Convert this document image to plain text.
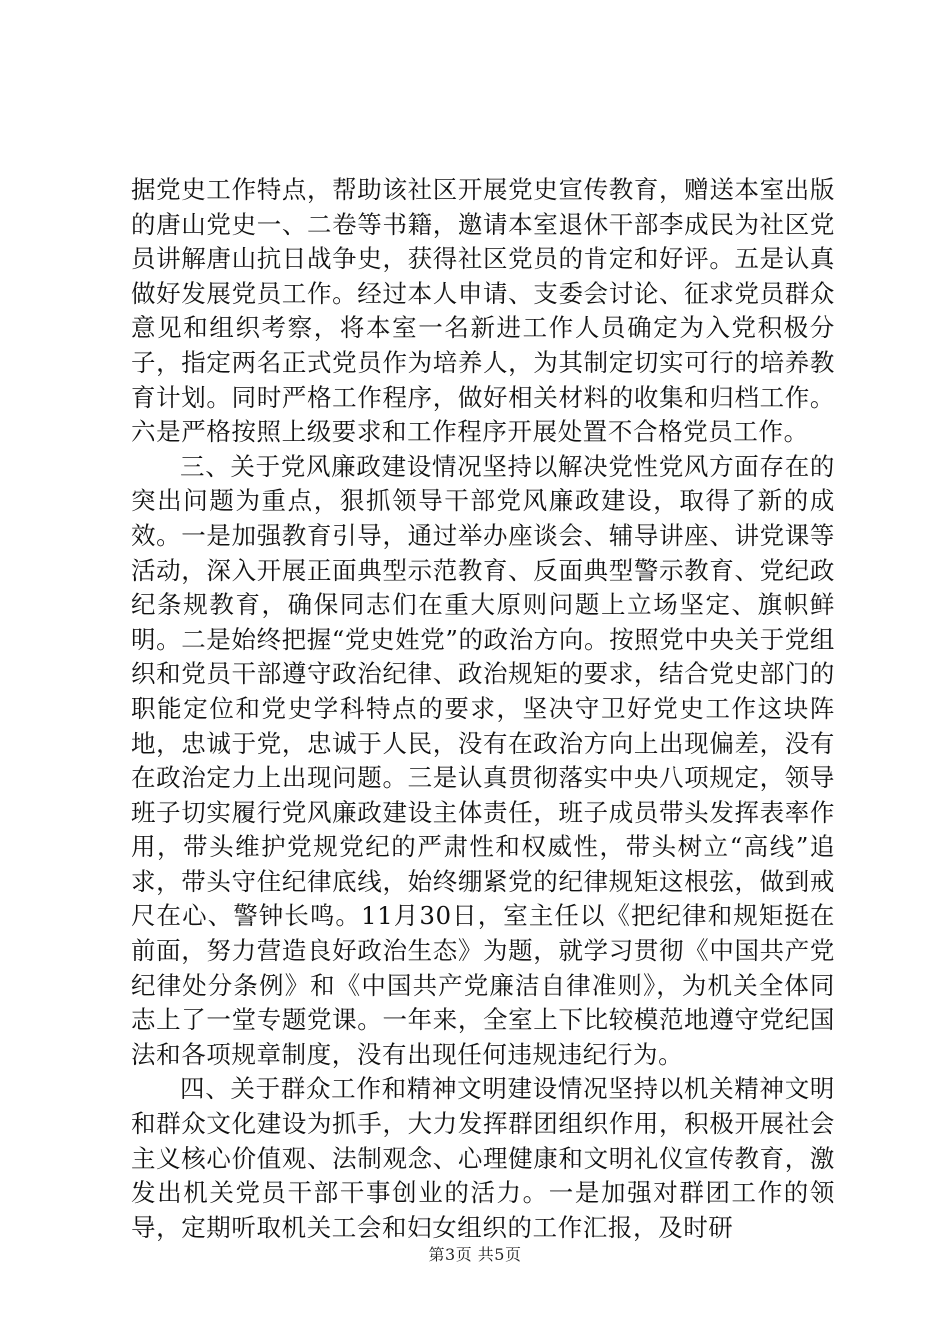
据党史工作特点，帮助该社区开展党史宣传教育，赠送本室出版的唐山党史一、二卷等书籍，邀请本室退休干部李成民为社区党员讲解唐山抗日战争史，获得社区党员的肯定和好评。五是认真做好发展党员工作。经过本人申请、支委会讨论、征求党员群众意见和组织考察，将本室一名新进工作人员确定为入党积极分子，指定两名正式党员作为培养人，为其制定切实可行的培养教育计划。同时严格工作程序，做好相关材料的收集和归档工作。六是严格按照上级要求和工作程序开展处置不合格党员工作。

三、关于党风廉政建设情况坚持以解决党性党风方面存在的突出问题为重点，狠抓领导干部党风廉政建设，取得了新的成效。一是加强教育引导，通过举办座谈会、辅导讲座、讲党课等活动，深入开展正面典型示范教育、反面典型警示教育、党纪政纪条规教育，确保同志们在重大原则问题上立场坚定、旗帜鲜明。二是始终把握“党史姓党”的政治方向。按照党中央关于党组织和党员干部遵守政治纪律、政治规矩的要求，结合党史部门的职能定位和党史学科特点的要求，坚决守卫好党史工作这块阵地，忠诚于党，忠诚于人民，没有在政治方向上出现偏差，没有在政治定力上出现问题。三是认真贯彻落实中央八项规定，领导班子切实履行党风廉政建设主体责任，班子成员带头发挥表率作用，带头维护党规党纪的严肃性和权威性，带头树立“高线”追求，带头守住纪律底线，始终绷紧党的纪律规矩这根弦，做到戒尺在心、警钟长鸣。11月30日，室主任以《把纪律和规矩挺在前面，努力营造良好政治生态》为题，就学习贯彻《中国共产党纪律处分条例》和《中国共产党廉洁自律准则》，为机关全体同志上了一堂专题党课。一年来，全室上下比较模范地遵守党纪国法和各项规章制度，没有出现任何违规违纪行为。

四、关于群众工作和精神文明建设情况坚持以机关精神文明和群众文化建设为抓手，大力发挥群团组织作用，积极开展社会主义核心价值观、法制观念、心理健康和文明礼仪宣传教育，激发出机关党员干部干事创业的活力。一是加强对群团工作的领导，定期听取机关工会和妇女组织的工作汇报，及时研

第3页 共5页
